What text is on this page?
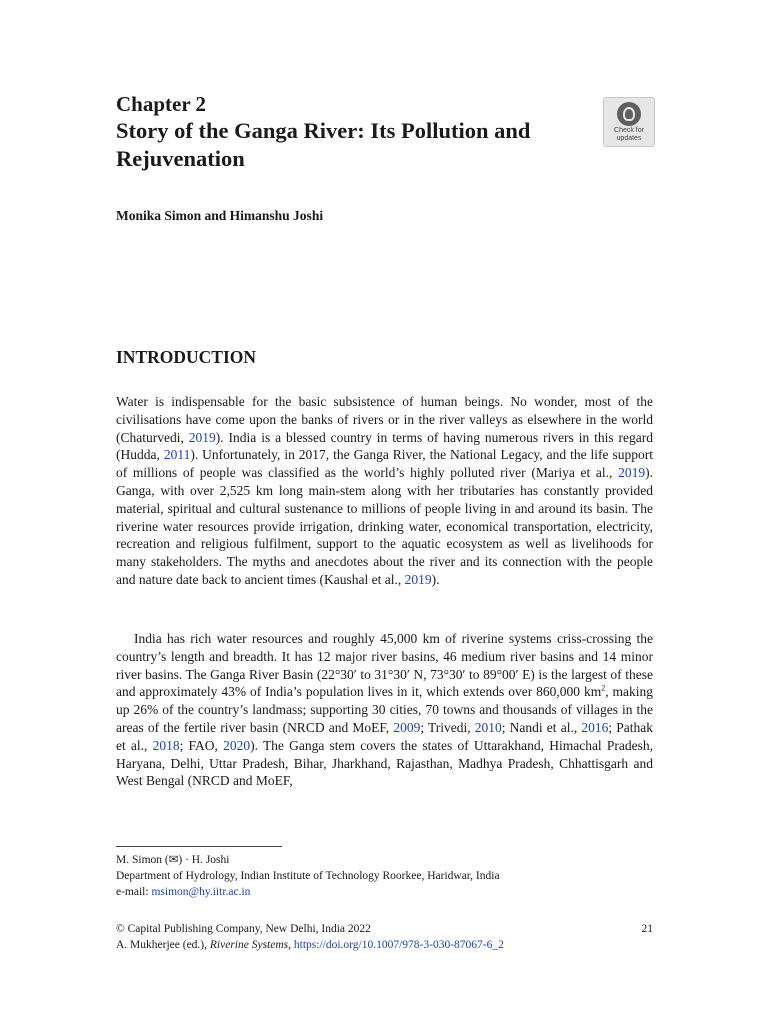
Chapter 2
Story of the Ganga River: Its Pollution and Rejuvenation
Check for
updates
Monika Simon and Himanshu Joshi
INTRODUCTION
Water is indispensable for the basic subsistence of human beings. No wonder, most of the civilisations have come upon the banks of rivers or in the river valleys as elsewhere in the world (Chaturvedi, 2019). India is a blessed country in terms of having numerous rivers in this regard (Hudda, 2011). Unfortunately, in 2017, the Ganga River, the National Legacy, and the life support of millions of people was classified as the world’s highly polluted river (Mariya et al., 2019). Ganga, with over 2,525 km long main-stem along with her tributaries has constantly provided material, spiritual and cultural sustenance to millions of people living in and around its basin. The riverine water resources provide irrigation, drinking water, economical transportation, electricity, recreation and religious fulfilment, support to the aquatic ecosystem as well as livelihoods for many stakeholders. The myths and anecdotes about the river and its connection with the people and nature date back to ancient times (Kaushal et al., 2019).
India has rich water resources and roughly 45,000 km of riverine systems criss-crossing the country’s length and breadth. It has 12 major river basins, 46 medium river basins and 14 minor river basins. The Ganga River Basin (22°30′ to 31°30′ N, 73°30′ to 89°00′ E) is the largest of these and approximately 43% of India’s population lives in it, which extends over 860,000 $km^2$, making up 26% of the country’s landmass; supporting 30 cities, 70 towns and thousands of villages in the areas of the fertile river basin (NRCD and MoEF, 2009; Trivedi, 2010; Nandi et al., 2016; Pathak et al., 2018; FAO, 2020). The Ganga stem covers the states of Uttarakhand, Himachal Pradesh, Haryana, Delhi, Uttar Pradesh, Bihar, Jharkhand, Rajasthan, Madhya Pradesh, Chhattisgarh and West Bengal (NRCD and MoEF,
M. Simon (✉) · H. Joshi
Department of Hydrology, Indian Institute of Technology Roorkee, Haridwar, India
e-mail: msimon@hy.iitr.ac.in
© Capital Publishing Company, New Delhi, India 2022	21
A. Mukherjee (ed.), Riverine Systems, https://doi.org/10.1007/978-3-030-87067-6_2
